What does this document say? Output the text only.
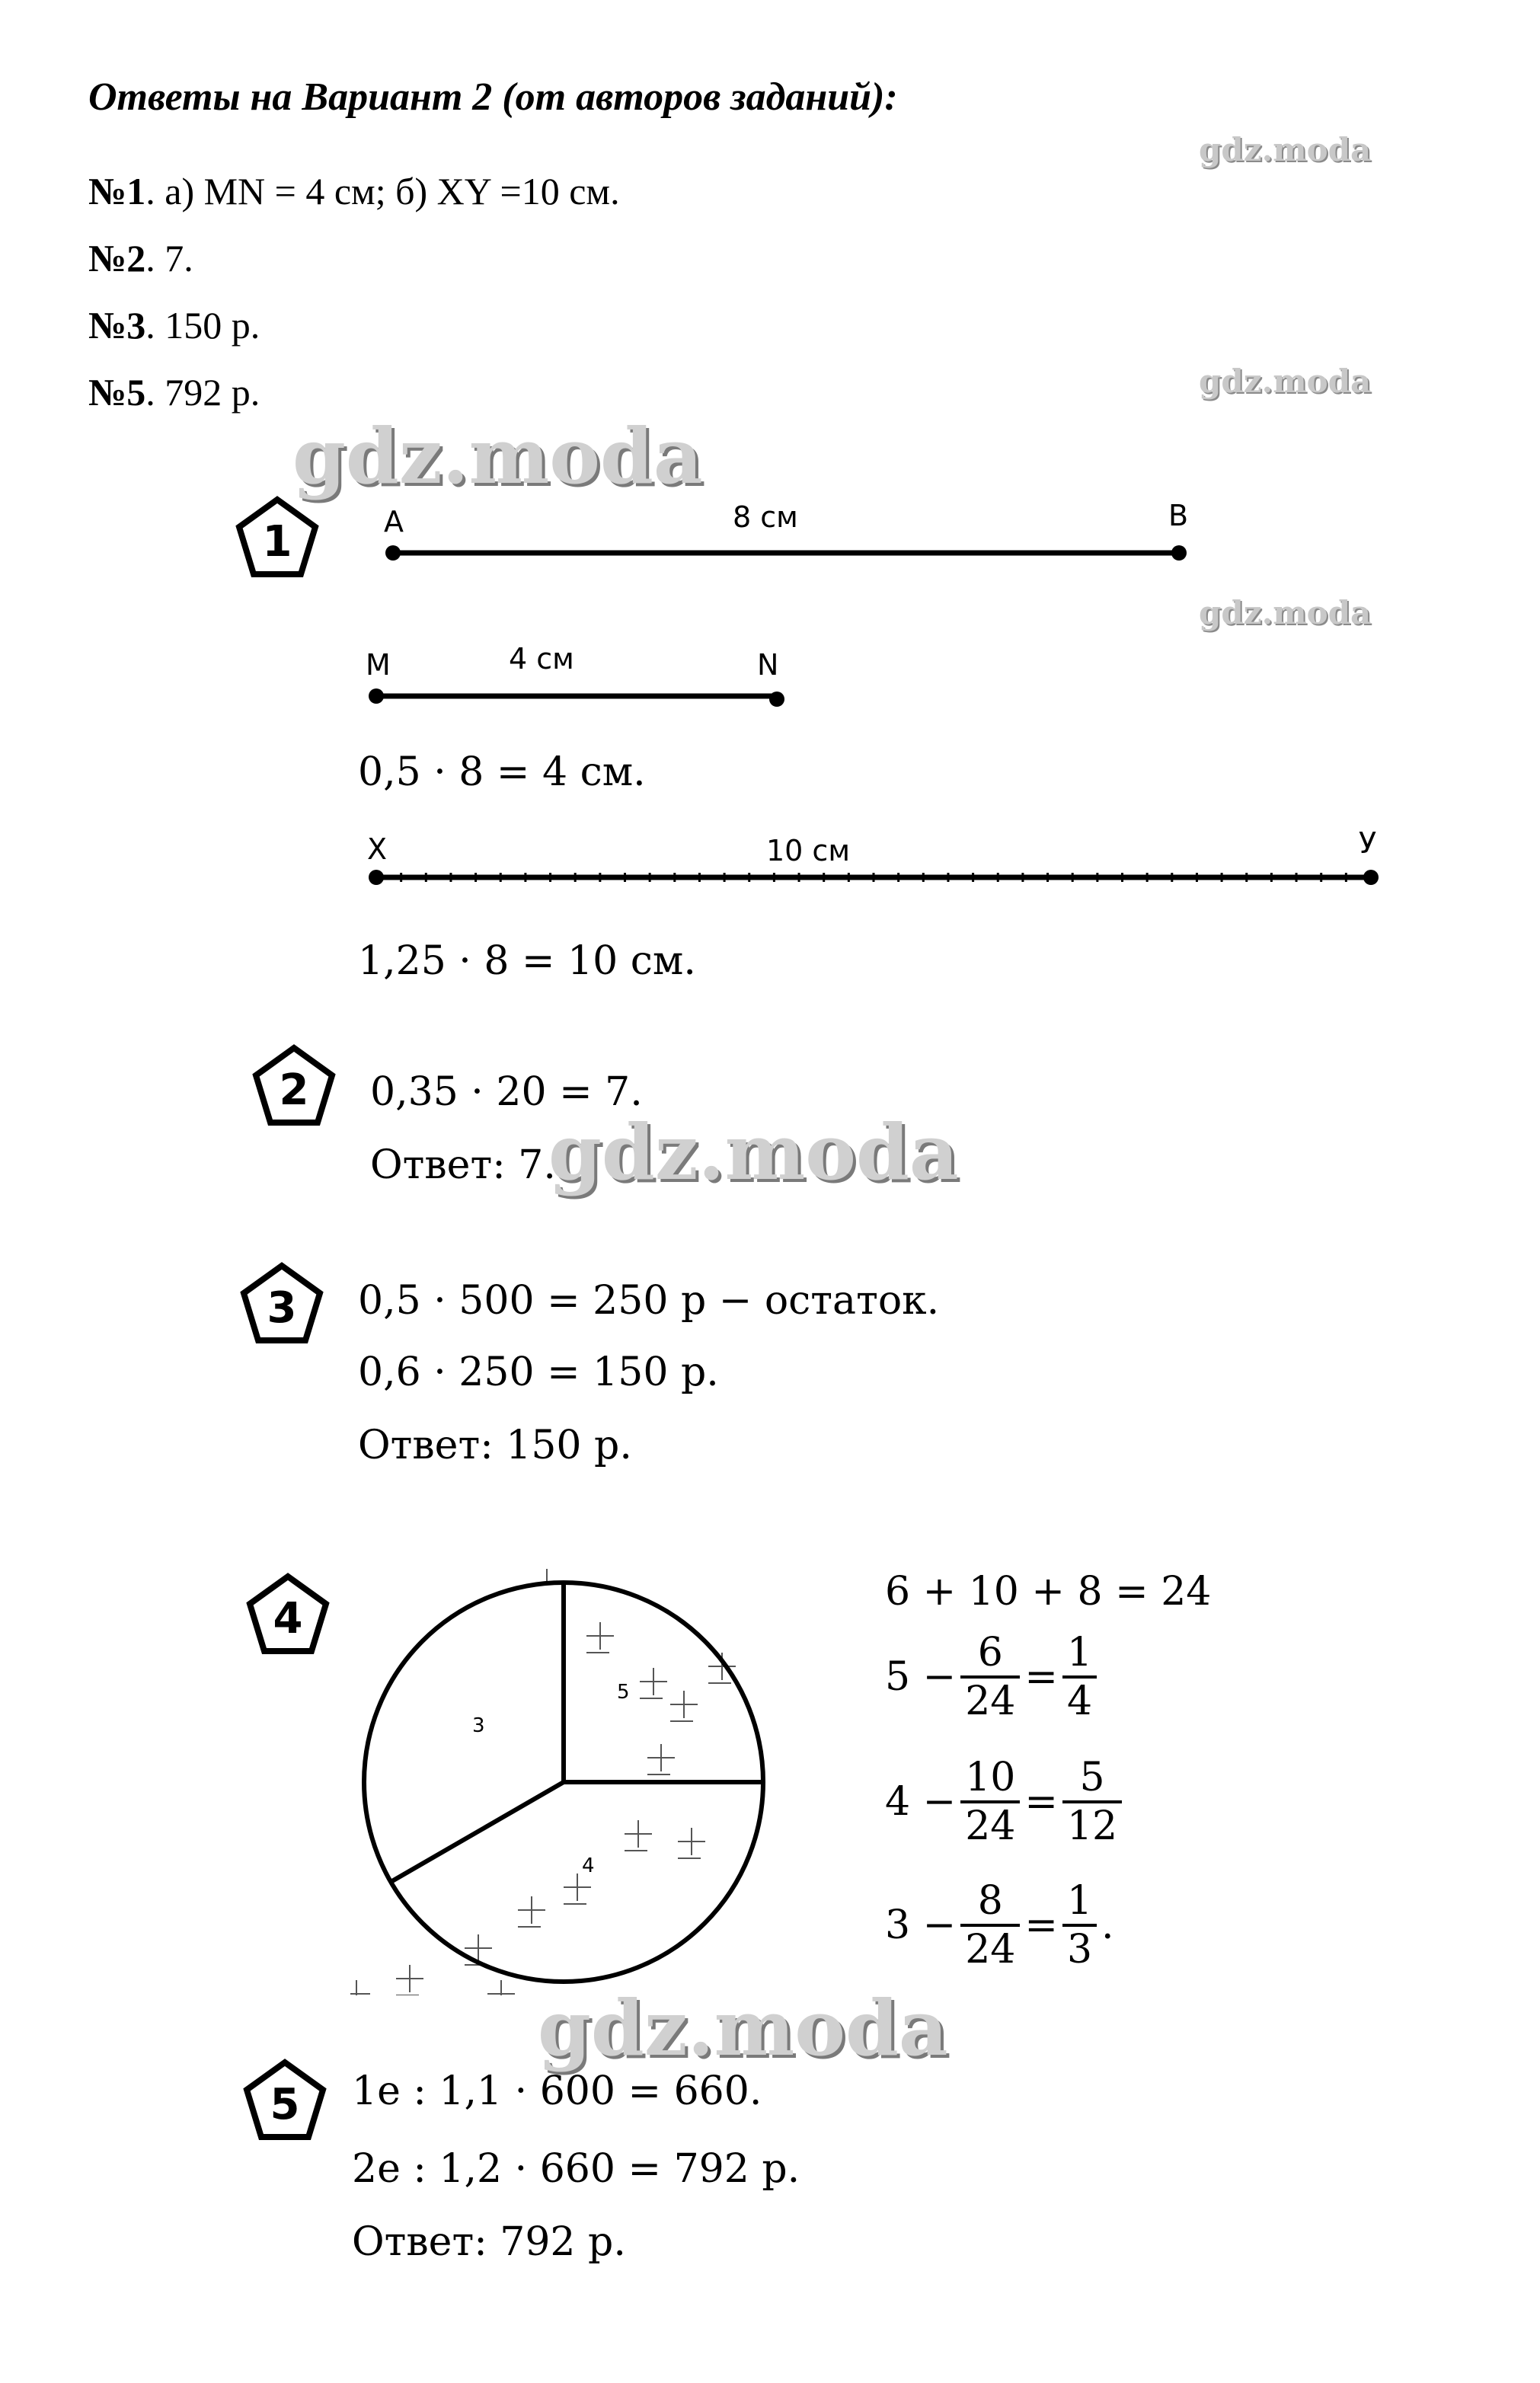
Ответы на Вариант 2 (от авторов заданий):
№1. а) MN = 4 см; б) XY =10 см.
№2. 7.
№3. 150 р.
№5. 792 р.
gdz.moda
gdz.moda
gdz.moda
gdz.moda
gdz.moda
gdz.moda
1
2
3
4
5
A	B
8 см
M	N
4 см
X	У
10 см
0,5 · 8 = 4 см.
1,25 · 8 = 10 см.
0,35 · 20 = 7.
Ответ: 7.
0,5 · 500 = 250 р − остаток.
0,6 · 250 = 150 р.
Ответ: 150 р.
3
5
4
6 + 10 + 8 = 24
$5 - \frac{6}{24} = \frac{1}{4}$
$4 - \frac{10}{24} = \frac{5}{12}$
$3 - \frac{8}{24} = \frac{1}{3}$ .
1е : 1,1 · 600 = 660.
2е : 1,2 · 660 = 792 р.
Ответ: 792 р.
